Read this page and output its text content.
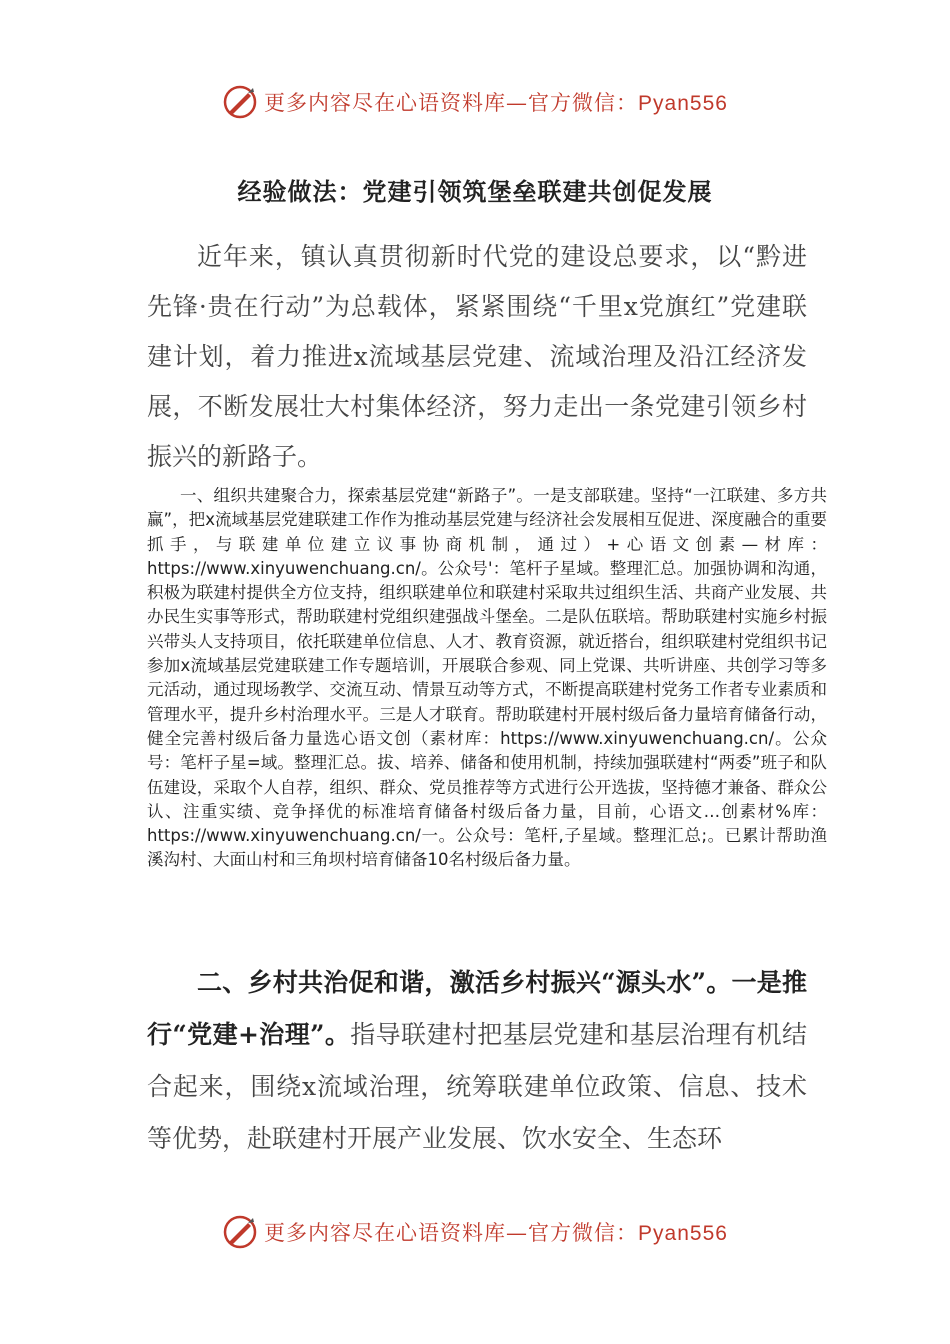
更多内容尽在心语资料库—官方微信：Pyan556
经验做法：党建引领筑堡垒联建共创促发展

近年来，镇认真贯彻新时代党的建设总要求，以“黔进先锋·贵在行动”为总载体，紧紧围绕“千里x党旗红”党建联建计划，着力推进x流域基层党建、流域治理及沿江经济发展，不断发展壮大村集体经济，努力走出一条党建引领乡村振兴的新路子。

一、组织共建聚合力，探索基层党建“新路子”。一是支部联建。坚持“一江联建、多方共赢”，把x流域基层党建联建工作作为推动基层党建与经济社会发展相互促进、深度融合的重要抓手，与联建单位建立议事协商机制，通过）+心语文创素—材库：https://www.xinyuwenchuang.cn/。公众号'：笔杆子星域。整理汇总。加强协调和沟通，积极为联建村提供全方位支持，组织联建单位和联建村采取共过组织生活、共商产业发展、共办民生实事等形式，帮助联建村党组织建强战斗堡垒。二是队伍联培。帮助联建村实施乡村振兴带头人支持项目，依托联建单位信息、人才、教育资源，就近搭台，组织联建村党组织书记参加x流域基层党建联建工作专题培训，开展联合参观、同上党课、共听讲座、共创学习等多元活动，通过现场教学、交流互动、情景互动等方式，不断提高联建村党务工作者专业素质和管理水平，提升乡村治理水平。三是人才联育。帮助联建村开展村级后备力量培育储备行动，健全完善村级后备力量选心语文创（素材库：https://www.xinyuwenchuang.cn/。公众号：笔杆子星=域。整理汇总。拔、培养、储备和使用机制，持续加强联建村“两委”班子和队伍建设，采取个人自荐，组织、群众、党员推荐等方式进行公开选拔，坚持德才兼备、群众公认、注重实绩、竞争择优的标准培育储备村级后备力量，目前，心语文…创素材%库：https://www.xinyuwenchuang.cn/一。公众号：笔杆,子星域。整理汇总;。已累计帮助渔溪沟村、大面山村和三角坝村培育储备10名村级后备力量。

二、乡村共治促和谐，激活乡村振兴“源头水”。一是推行“党建+治理”。指导联建村把基层党建和基层治理有机结合起来，围绕x流域治理，统筹联建单位政策、信息、技术等优势，赴联建村开展产业发展、饮水安全、生态环

更多内容尽在心语资料库—官方微信：Pyan556
